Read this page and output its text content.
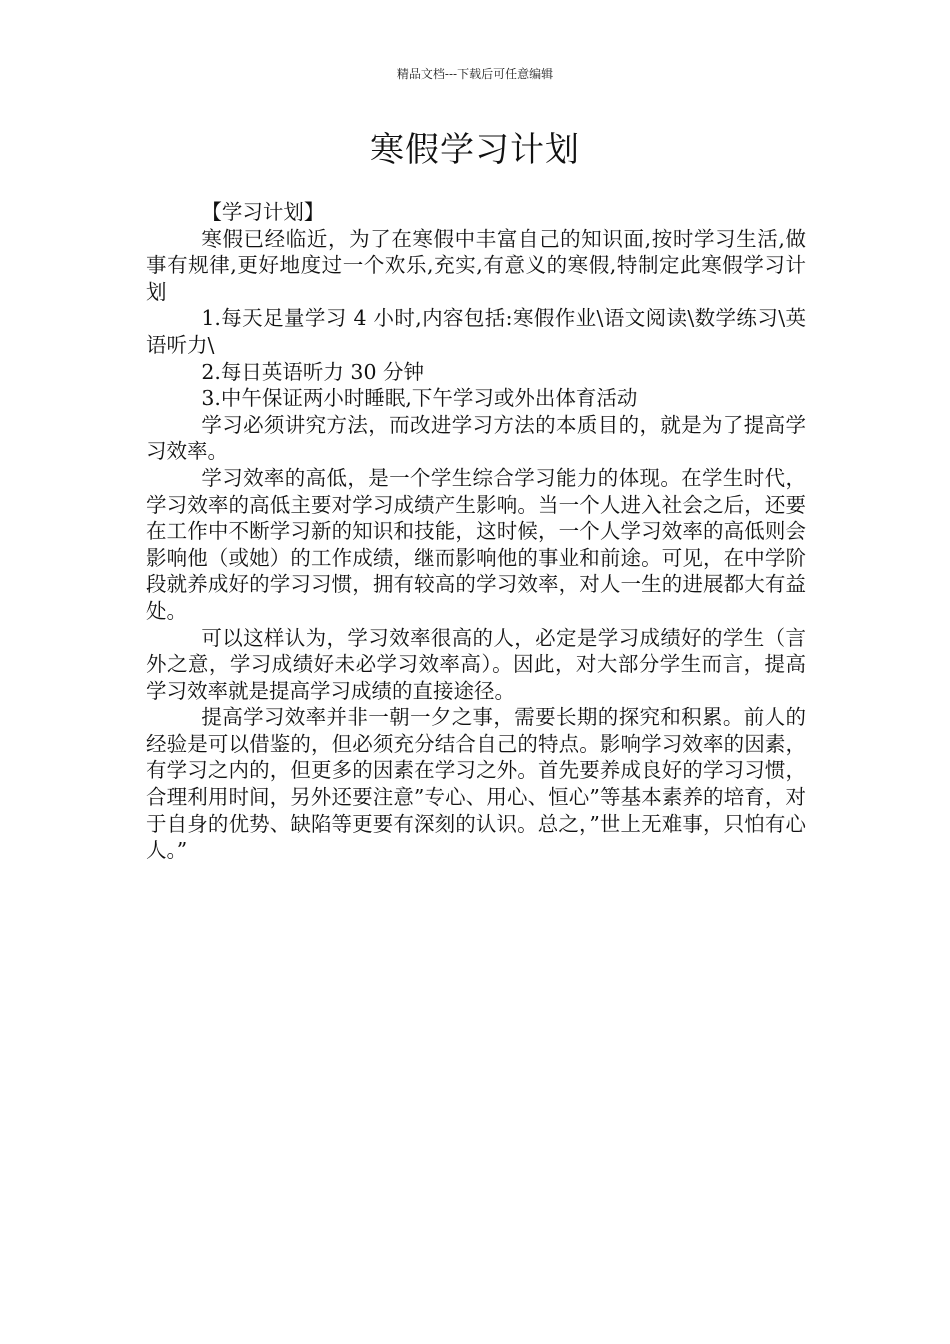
精品文档---下载后可任意编辑
寒假学习计划

【学习计划】

寒假已经临近，为了在寒假中丰富自己的知识面,按时学习生活,做事有规律,更好地度过一个欢乐,充实,有意义的寒假,特制定此寒假学习计划

1.每天足量学习 4 小时,内容包括:寒假作业\语文阅读\数学练习\英语听力\

2.每日英语听力 30 分钟

3.中午保证两小时睡眠,下午学习或外出体育活动

学习必须讲究方法，而改进学习方法的本质目的，就是为了提高学习效率。

学习效率的高低，是一个学生综合学习能力的体现。在学生时代，学习效率的高低主要对学习成绩产生影响。当一个人进入社会之后，还要在工作中不断学习新的知识和技能，这时候，一个人学习效率的高低则会影响他（或她）的工作成绩，继而影响他的事业和前途。可见，在中学阶段就养成好的学习习惯，拥有较高的学习效率，对人一生的进展都大有益处。

可以这样认为，学习效率很高的人，必定是学习成绩好的学生（言外之意，学习成绩好未必学习效率高）。因此，对大部分学生而言，提高学习效率就是提高学习成绩的直接途径。

提高学习效率并非一朝一夕之事，需要长期的探究和积累。前人的经验是可以借鉴的，但必须充分结合自己的特点。影响学习效率的因素，有学习之内的，但更多的因素在学习之外。首先要养成良好的学习习惯，合理利用时间，另外还要注意”专心、用心、恒心”等基本素养的培育，对于自身的优势、缺陷等更要有深刻的认识。总之，”世上无难事，只怕有心人。”
